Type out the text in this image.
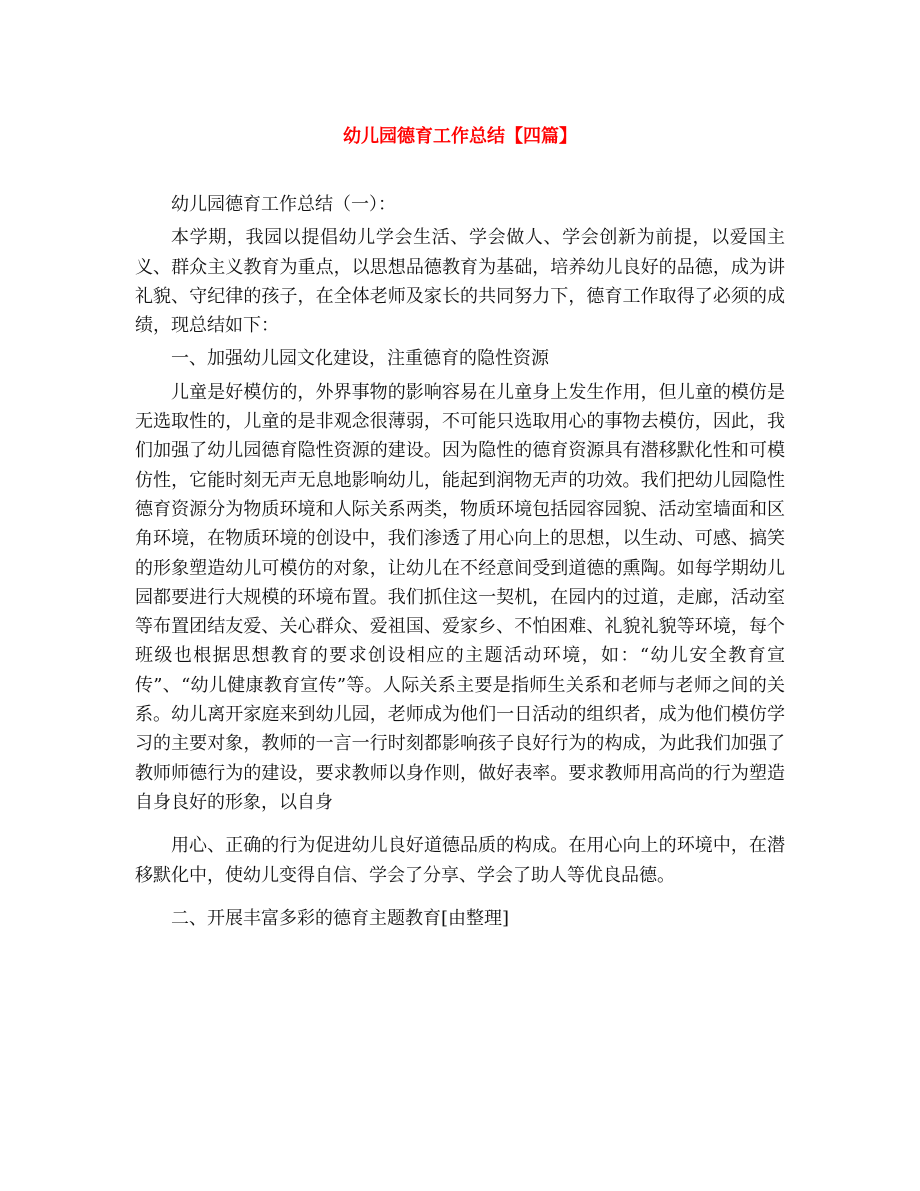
幼儿园德育工作总结【四篇】

幼儿园德育工作总结（一）：

本学期，我园以提倡幼儿学会生活、学会做人、学会创新为前提，以爱国主义、群众主义教育为重点，以思想品德教育为基础，培养幼儿良好的品德，成为讲礼貌、守纪律的孩子，在全体老师及家长的共同努力下，德育工作取得了必须的成绩，现总结如下：

一、加强幼儿园文化建设，注重德育的隐性资源

儿童是好模仿的，外界事物的影响容易在儿童身上发生作用，但儿童的模仿是无选取性的，儿童的是非观念很薄弱，不可能只选取用心的事物去模仿，因此，我们加强了幼儿园德育隐性资源的建设。因为隐性的德育资源具有潜移默化性和可模仿性，它能时刻无声无息地影响幼儿，能起到润物无声的功效。我们把幼儿园隐性德育资源分为物质环境和人际关系两类，物质环境包括园容园貌、活动室墙面和区角环境，在物质环境的创设中，我们渗透了用心向上的思想，以生动、可感、搞笑的形象塑造幼儿可模仿的对象，让幼儿在不经意间受到道德的熏陶。如每学期幼儿园都要进行大规模的环境布置。我们抓住这一契机，在园内的过道，走廊，活动室等布置团结友爱、关心群众、爱祖国、爱家乡、不怕困难、礼貌礼貌等环境，每个班级也根据思想教育的要求创设相应的主题活动环境，如：“幼儿安全教育宣传”、“幼儿健康教育宣传”等。人际关系主要是指师生关系和老师与老师之间的关系。幼儿离开家庭来到幼儿园，老师成为他们一日活动的组织者，成为他们模仿学习的主要对象，教师的一言一行时刻都影响孩子良好行为的构成，为此我们加强了教师师德行为的建设，要求教师以身作则，做好表率。要求教师用高尚的行为塑造自身良好的形象，以自身

用心、正确的行为促进幼儿良好道德品质的构成。在用心向上的环境中，在潜移默化中，使幼儿变得自信、学会了分享、学会了助人等优良品德。

二、开展丰富多彩的德育主题教育[由整理]
